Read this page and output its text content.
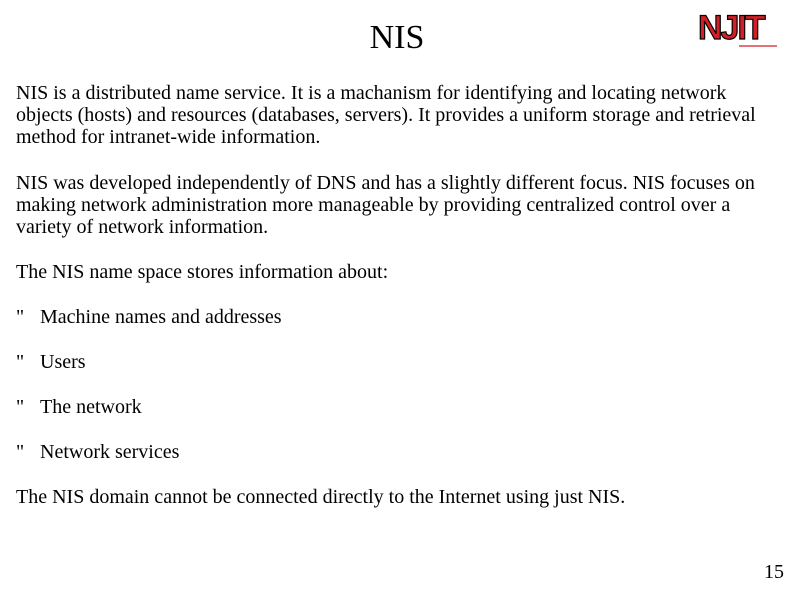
NIS	NJIT

NIS is a distributed name service. It is a machanism for identifying and locating network objects (hosts) and resources (databases, servers). It provides a uniform storage and retrieval method for intranet-wide information.

NIS was developed independently of DNS and has a slightly different focus. NIS focuses on making network administration more manageable by providing centralized control over a variety of network information.

The NIS name space stores information about:

" Machine names and addresses
" Users
" The network
" Network services

The NIS domain cannot be connected directly to the Internet using just NIS.

15
